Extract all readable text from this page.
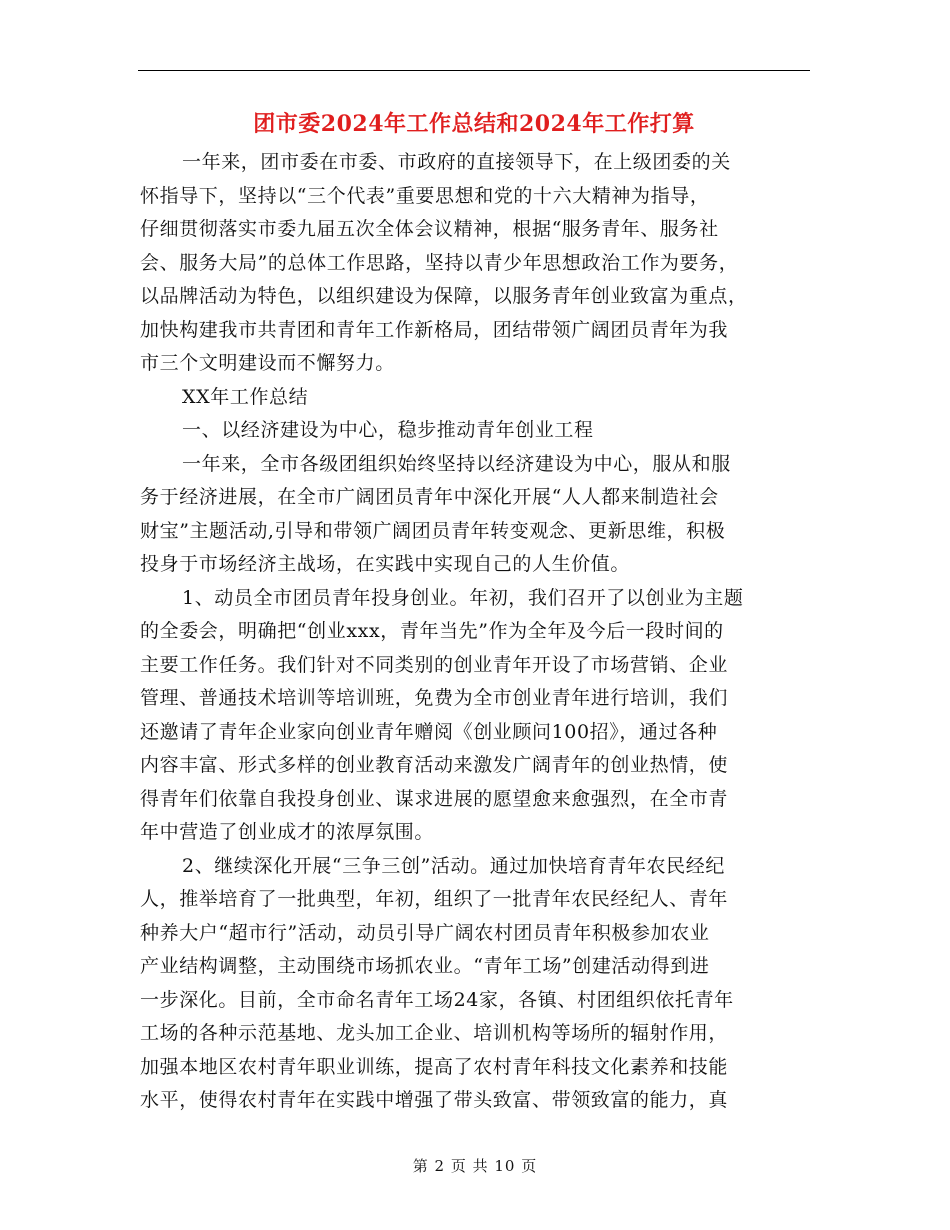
团市委2024年工作总结和2024年工作打算
一年来，团市委在市委、市政府的直接领导下，在上级团委的关
怀指导下，坚持以“三个代表”重要思想和党的十六大精神为指导，
仔细贯彻落实市委九届五次全体会议精神，根据“服务青年、服务社
会、服务大局”的总体工作思路，坚持以青少年思想政治工作为要务，
以品牌活动为特色，以组织建设为保障，以服务青年创业致富为重点，
加快构建我市共青团和青年工作新格局，团结带领广阔团员青年为我
市三个文明建设而不懈努力。
XX年工作总结
一、以经济建设为中心，稳步推动青年创业工程
一年来，全市各级团组织始终坚持以经济建设为中心，服从和服
务于经济进展，在全市广阔团员青年中深化开展“人人都来制造社会
财宝”主题活动,引导和带领广阔团员青年转变观念、更新思维，积极
投身于市场经济主战场，在实践中实现自己的人生价值。
1、动员全市团员青年投身创业。年初，我们召开了以创业为主题
的全委会，明确把“创业xxx，青年当先”作为全年及今后一段时间的
主要工作任务。我们针对不同类别的创业青年开设了市场营销、企业
管理、普通技术培训等培训班，免费为全市创业青年进行培训，我们
还邀请了青年企业家向创业青年赠阅《创业顾问100招》，通过各种
内容丰富、形式多样的创业教育活动来激发广阔青年的创业热情，使
得青年们依靠自我投身创业、谋求进展的愿望愈来愈强烈，在全市青
年中营造了创业成才的浓厚氛围。
2、继续深化开展“三争三创”活动。通过加快培育青年农民经纪
人，推举培育了一批典型，年初，组织了一批青年农民经纪人、青年
种养大户“超市行”活动，动员引导广阔农村团员青年积极参加农业
产业结构调整，主动围绕市场抓农业。“青年工场”创建活动得到进
一步深化。目前，全市命名青年工场24家，各镇、村团组织依托青年
工场的各种示范基地、龙头加工企业、培训机构等场所的辐射作用，
加强本地区农村青年职业训练，提高了农村青年科技文化素养和技能
水平，使得农村青年在实践中增强了带头致富、带领致富的能力，真
第 2 页 共 10 页
